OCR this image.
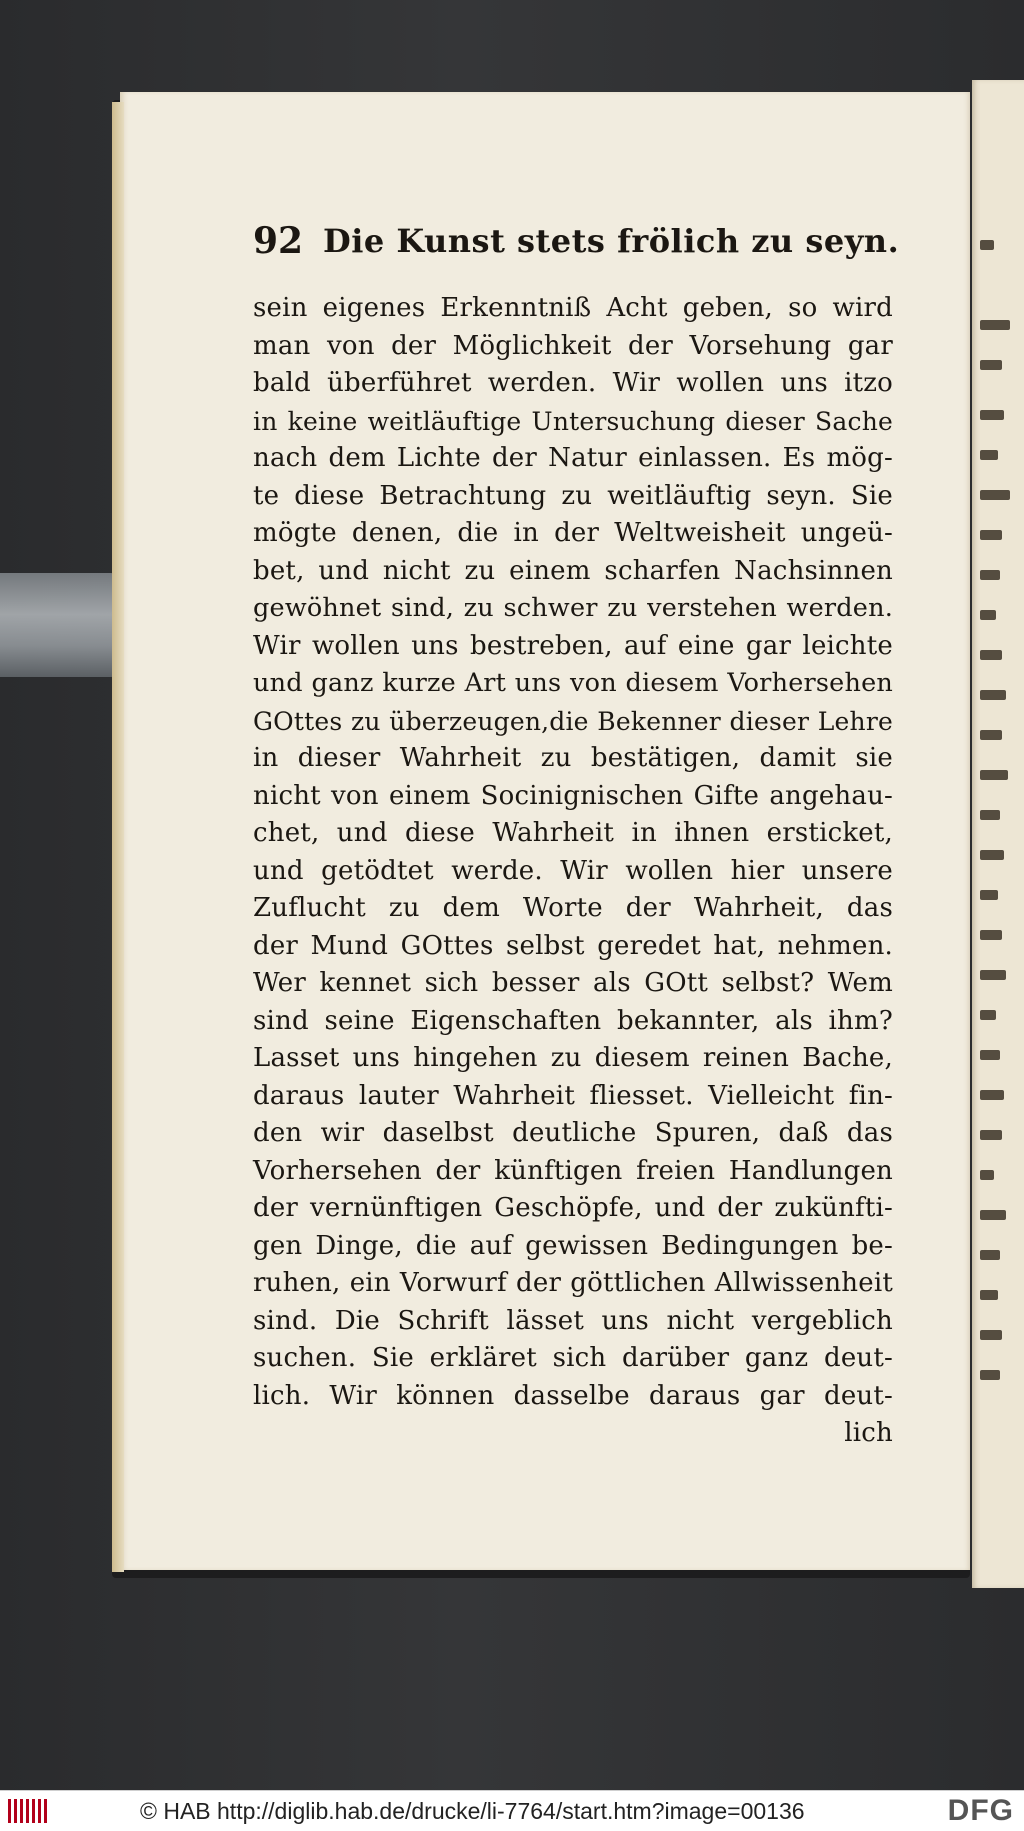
92 Die Kunst stets frölich zu seyn.
sein eigenes Erkenntniß Acht geben, so wird
man von der Möglichkeit der Vorsehung gar
bald überführet werden. Wir wollen uns itzo
in keine weitläuftige Untersuchung dieser Sache
nach dem Lichte der Natur einlassen. Es mög-
te diese Betrachtung zu weitläuftig seyn. Sie
mögte denen, die in der Weltweisheit ungeü-
bet, und nicht zu einem scharfen Nachsinnen
gewöhnet sind, zu schwer zu verstehen werden.
Wir wollen uns bestreben, auf eine gar leichte
und ganz kurze Art uns von diesem Vorhersehen
GOttes zu überzeugen,die Bekenner dieser Lehre
in dieser Wahrheit zu bestätigen, damit sie
nicht von einem Socinignischen Gifte angehau-
chet, und diese Wahrheit in ihnen ersticket,
und getödtet werde. Wir wollen hier unsere
Zuflucht zu dem Worte der Wahrheit, das
der Mund GOttes selbst geredet hat, nehmen.
Wer kennet sich besser als GOtt selbst? Wem
sind seine Eigenschaften bekannter, als ihm?
Lasset uns hingehen zu diesem reinen Bache,
daraus lauter Wahrheit fliesset. Vielleicht fin-
den wir daselbst deutliche Spuren, daß das
Vorhersehen der künftigen freien Handlungen
der vernünftigen Geschöpfe, und der zukünfti-
gen Dinge, die auf gewissen Bedingungen be-
ruhen, ein Vorwurf der göttlichen Allwissenheit
sind. Die Schrift lässet uns nicht vergeblich
suchen. Sie erkläret sich darüber ganz deut-
lich. Wir können dasselbe daraus gar deut-
lich
© HAB http://diglib.hab.de/drucke/li-7764/start.htm?image=00136	DFG
